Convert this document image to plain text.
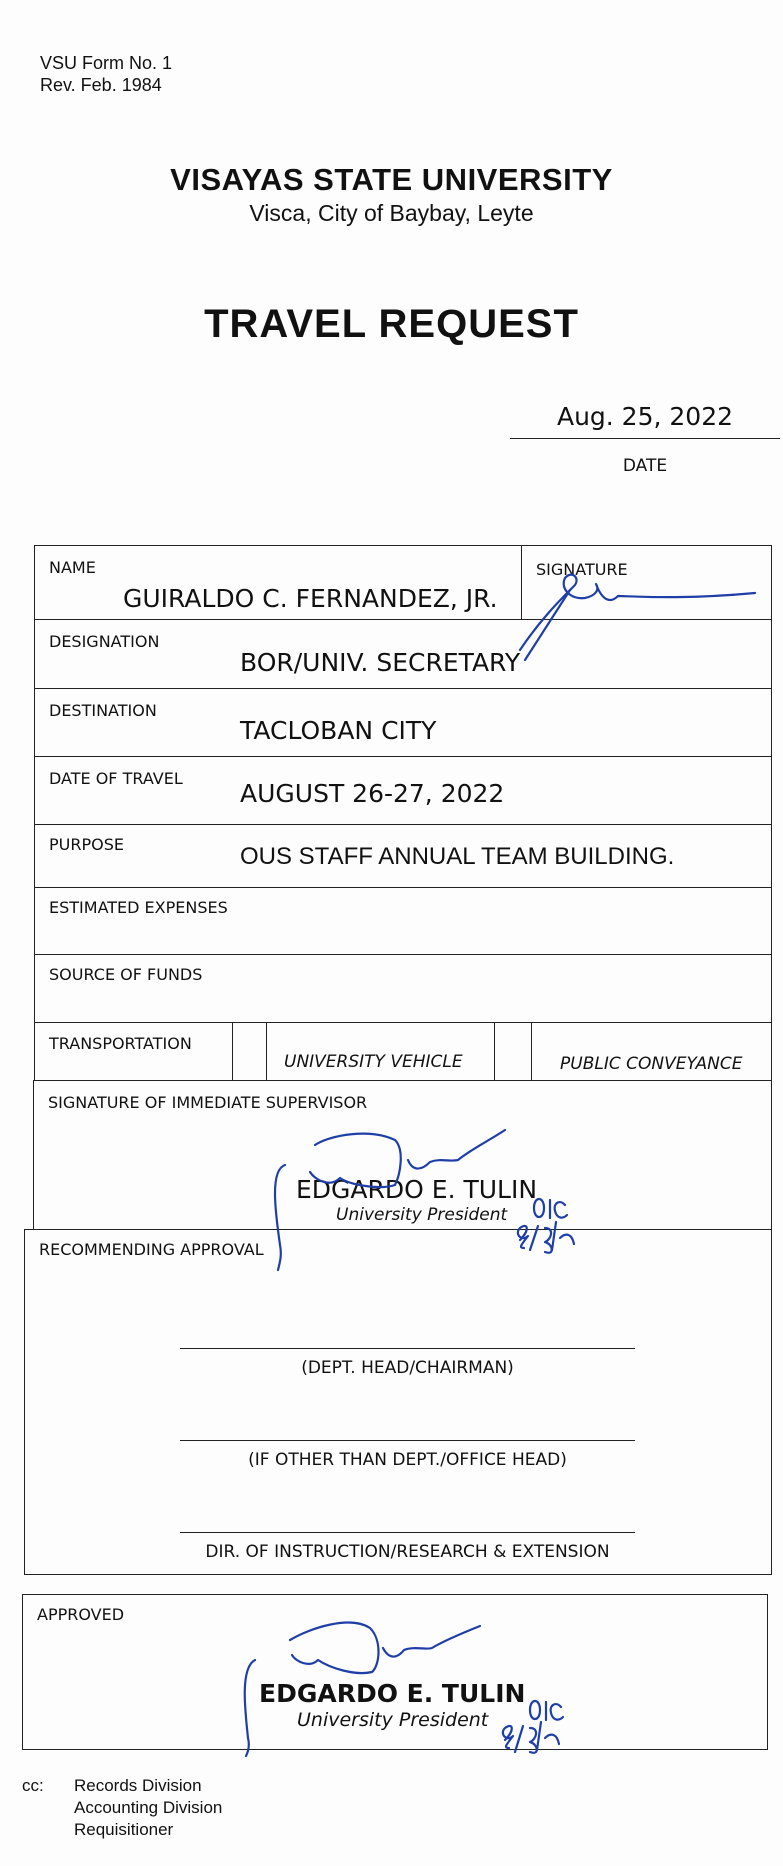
VSU Form No. 1
Rev. Feb. 1984
VISAYAS STATE UNIVERSITY
Visca, City of Baybay, Leyte
TRAVEL REQUEST
Aug. 25, 2022
DATE
NAME
GUIRALDO C. FERNANDEZ, JR.
SIGNATURE
DESIGNATION
BOR/UNIV. SECRETARY
DESTINATION
TACLOBAN CITY
DATE OF TRAVEL
AUGUST 26-27, 2022
PURPOSE	OUS STAFF ANNUAL TEAM BUILDING.
ESTIMATED EXPENSES
SOURCE OF FUNDS
TRANSPORTATION
UNIVERSITY VEHICLE	PUBLIC CONVEYANCE
SIGNATURE OF IMMEDIATE SUPERVISOR
EDGARDO E. TULIN
University President
RECOMMENDING APPROVAL
(DEPT. HEAD/CHAIRMAN)
(IF OTHER THAN DEPT./OFFICE HEAD)
DIR. OF INSTRUCTION/RESEARCH & EXTENSION
APPROVED
EDGARDO E. TULIN
University President
cc: Records Division
Accounting Division
Requisitioner
